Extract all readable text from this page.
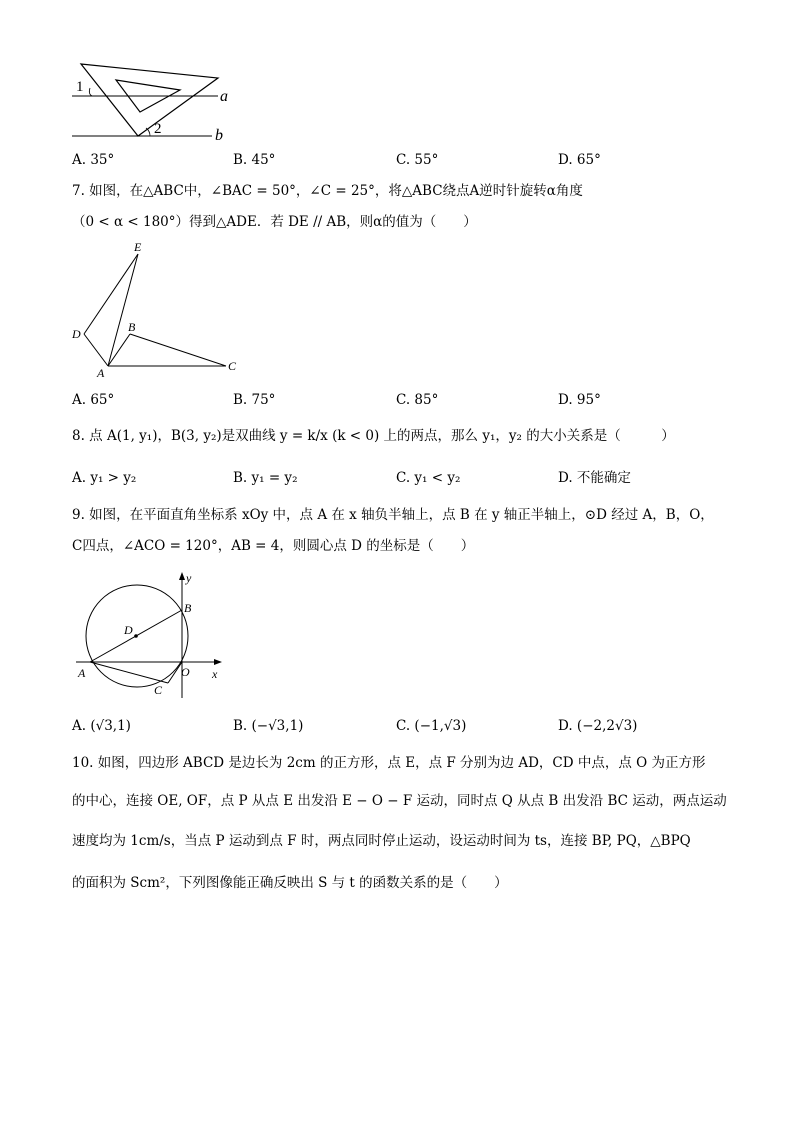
1
2
a
b
A. 35°	B. 45°	C. 55°	D. 65°
7. 如图，在△ABC中，∠BAC = 50°，∠C = 25°，将△ABC绕点A逆时针旋转α角度
（0 < α < 180°）得到△ADE．若 DE // AB，则α的值为（　　）
E
D	B
A	C
A. 65°	B. 75°	C. 85°	D. 95°
8. 点 A(1, y₁)，B(3, y₂)是双曲线 y = k/x (k < 0) 上的两点，那么 y₁，y₂ 的大小关系是（　　　）
A. y₁ > y₂	B. y₁ = y₂	C. y₁ < y₂	D. 不能确定
9. 如图，在平面直角坐标系 xOy 中，点 A 在 x 轴负半轴上，点 B 在 y 轴正半轴上，⊙D 经过 A，B，O，
C四点，∠ACO = 120°，AB = 4，则圆心点 D 的坐标是（　　）
y
B
D
A	O x
C
A. (√3,1)	B. (−√3,1)	C. (−1,√3)	D. (−2,2√3)
10. 如图，四边形 ABCD 是边长为 2cm 的正方形，点 E，点 F 分别为边 AD，CD 中点，点 O 为正方形
的中心，连接 OE, OF，点 P 从点 E 出发沿 E − O − F 运动，同时点 Q 从点 B 出发沿 BC 运动，两点运动
速度均为 1cm/s，当点 P 运动到点 F 时，两点同时停止运动，设运动时间为 ts，连接 BP, PQ，△BPQ
的面积为 Scm²，下列图像能正确反映出 S 与 t 的函数关系的是（　　）
